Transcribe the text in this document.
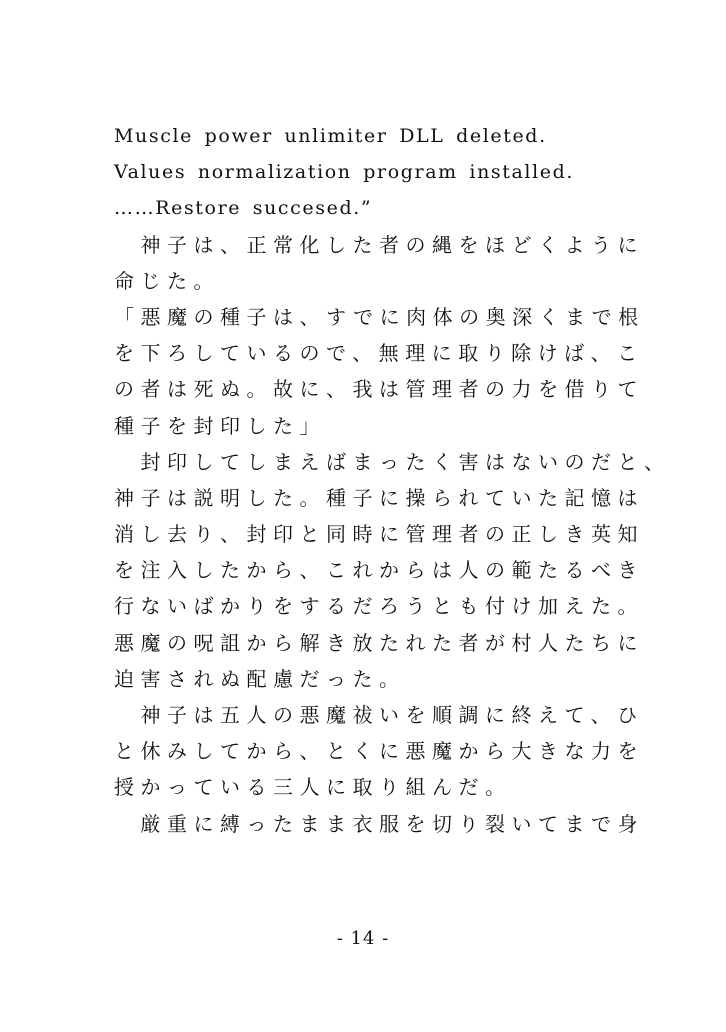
Muscle power unlimiter DLL deleted.
Values normalization program installed.
……Restore succesed.”
　神子は、正常化した者の縄をほどくように
命じた。
「悪魔の種子は、すでに肉体の奥深くまで根
を下ろしているので、無理に取り除けば、こ
の者は死ぬ。故に、我は管理者の力を借りて
種子を封印した」
　封印してしまえばまったく害はないのだと、
神子は説明した。種子に操られていた記憶は
消し去り、封印と同時に管理者の正しき英知
を注入したから、これからは人の範たるべき
行ないばかりをするだろうとも付け加えた。
悪魔の呪詛から解き放たれた者が村人たちに
迫害されぬ配慮だった。
　神子は五人の悪魔祓いを順調に終えて、ひ
と休みしてから、とくに悪魔から大きな力を
授かっている三人に取り組んだ。
　厳重に縛ったまま衣服を切り裂いてまで身
- 14 -
